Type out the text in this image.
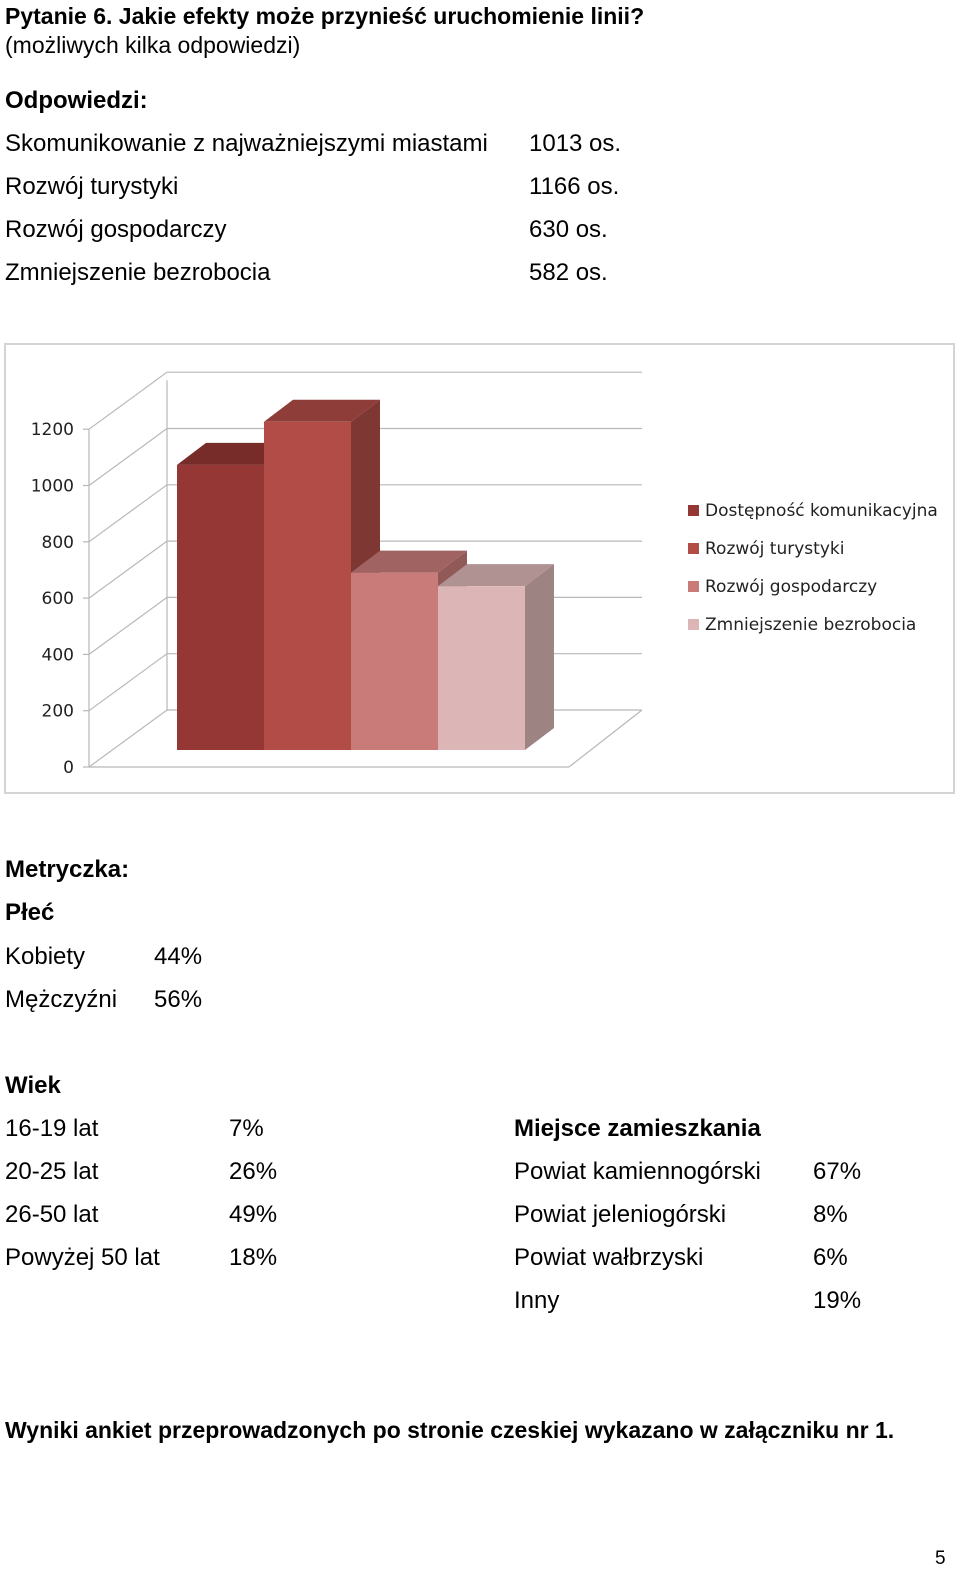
Pytanie 6. Jakie efekty może przynieść uruchomienie linii?
(możliwych kilka odpowiedzi)
Odpowiedzi:
Skomunikowanie z najważniejszymi miastami 1013 os.
Rozwój turystyki	1166 os.
Rozwój gospodarczy	630 os.
Zmniejszenie bezrobocia	582 os.
0
200
400
600
800
1000
1200
Dostępność komunikacyjna
Rozwój turystyki
Rozwój gospodarczy
Zmniejszenie bezrobocia
Metryczka:
Płeć
Kobiety	44%
Mężczyźni 56%
Wiek
16-19 lat	7%
20-25 lat	26%
26-50 lat	49%
Powyżej 50 lat	18%
Miejsce zamieszkania
Powiat kamiennogórski 67%
Powiat jeleniogórski	8%
Powiat wałbrzyski	6%
Inny	19%
Wyniki ankiet przeprowadzonych po stronie czeskiej wykazano w załączniku nr 1.
5
